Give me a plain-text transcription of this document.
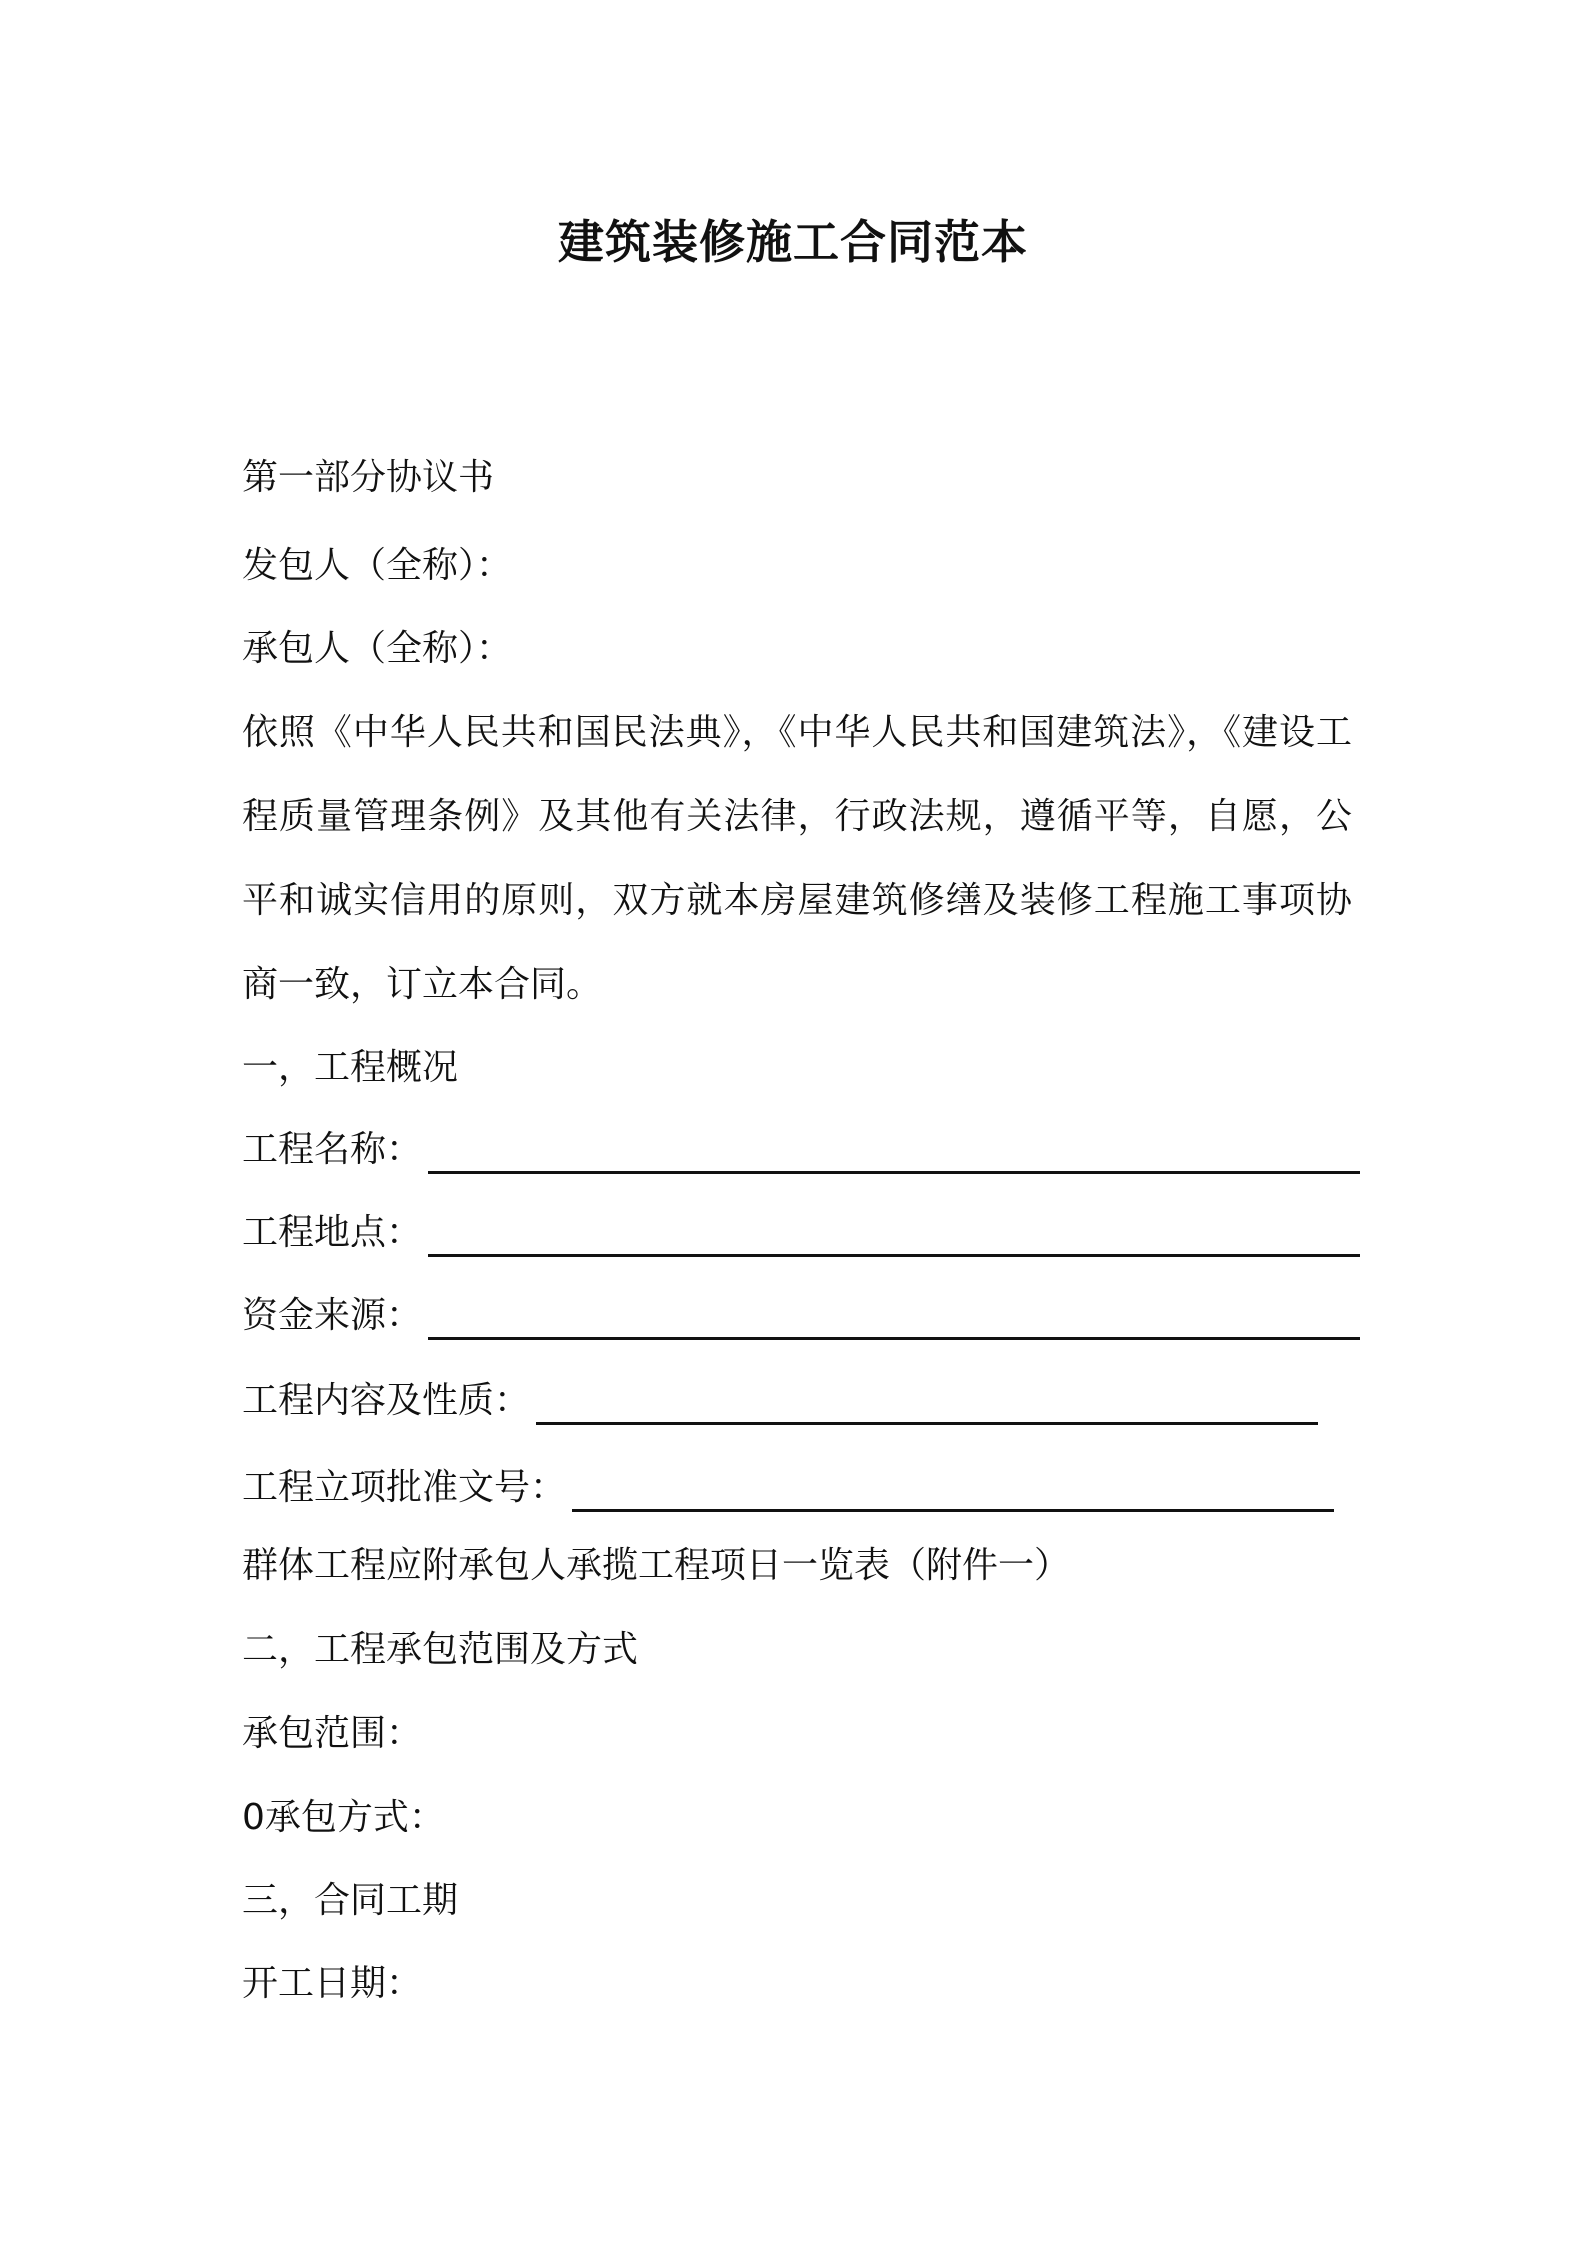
建筑装修施工合同范本
第一部分协议书
发包人（全称）：
承包人（全称）：
依照《中华人民共和国民法典》，《中华人民共和国建筑法》，《建设工程质量管理条例》及其他有关法律，行政法规，遵循平等，自愿，公平和诚实信用的原则，双方就本房屋建筑修缮及装修工程施工事项协商一致，订立本合同。
一，工程概况
工程名称：
工程地点：
资金来源：
工程内容及性质：
工程立项批准文号：
群体工程应附承包人承揽工程项日一览表（附件一）
二，工程承包范围及方式
承包范围：
0承包方式：
三，合同工期
开工日期：
